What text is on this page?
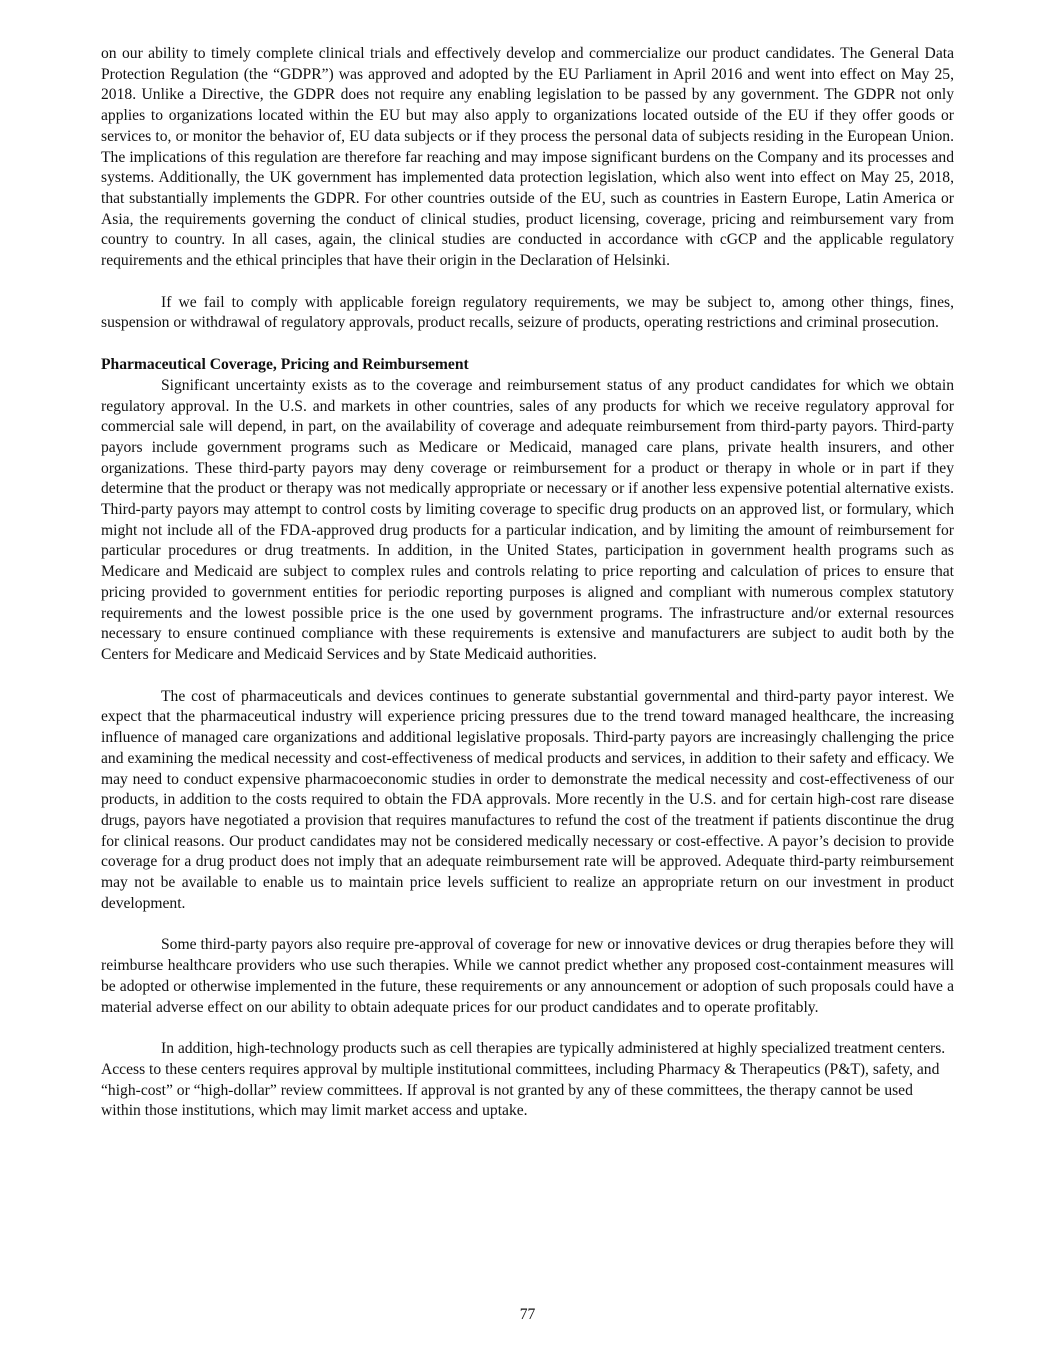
on our ability to timely complete clinical trials and effectively develop and commercialize our product candidates. The General Data Protection Regulation (the “GDPR”) was approved and adopted by the EU Parliament in April 2016 and went into effect on May 25, 2018. Unlike a Directive, the GDPR does not require any enabling legislation to be passed by any government. The GDPR not only applies to organizations located within the EU but may also apply to organizations located outside of the EU if they offer goods or services to, or monitor the behavior of, EU data subjects or if they process the personal data of subjects residing in the European Union. The implications of this regulation are therefore far reaching and may impose significant burdens on the Company and its processes and systems. Additionally, the UK government has implemented data protection legislation, which also went into effect on May 25, 2018, that substantially implements the GDPR. For other countries outside of the EU, such as countries in Eastern Europe, Latin America or Asia, the requirements governing the conduct of clinical studies, product licensing, coverage, pricing and reimbursement vary from country to country. In all cases, again, the clinical studies are conducted in accordance with cGCP and the applicable regulatory requirements and the ethical principles that have their origin in the Declaration of Helsinki.

If we fail to comply with applicable foreign regulatory requirements, we may be subject to, among other things, fines, suspension or withdrawal of regulatory approvals, product recalls, seizure of products, operating restrictions and criminal prosecution.

Pharmaceutical Coverage, Pricing and Reimbursement

Significant uncertainty exists as to the coverage and reimbursement status of any product candidates for which we obtain regulatory approval. In the U.S. and markets in other countries, sales of any products for which we receive regulatory approval for commercial sale will depend, in part, on the availability of coverage and adequate reimbursement from third-party payors. Third-party payors include government programs such as Medicare or Medicaid, managed care plans, private health insurers, and other organizations. These third-party payors may deny coverage or reimbursement for a product or therapy in whole or in part if they determine that the product or therapy was not medically appropriate or necessary or if another less expensive potential alternative exists. Third-party payors may attempt to control costs by limiting coverage to specific drug products on an approved list, or formulary, which might not include all of the FDA-approved drug products for a particular indication, and by limiting the amount of reimbursement for particular procedures or drug treatments. In addition, in the United States, participation in government health programs such as Medicare and Medicaid are subject to complex rules and controls relating to price reporting and calculation of prices to ensure that pricing provided to government entities for periodic reporting purposes is aligned and compliant with numerous complex statutory requirements and the lowest possible price is the one used by government programs. The infrastructure and/or external resources necessary to ensure continued compliance with these requirements is extensive and manufacturers are subject to audit both by the Centers for Medicare and Medicaid Services and by State Medicaid authorities.

The cost of pharmaceuticals and devices continues to generate substantial governmental and third-party payor interest. We expect that the pharmaceutical industry will experience pricing pressures due to the trend toward managed healthcare, the increasing influence of managed care organizations and additional legislative proposals. Third-party payors are increasingly challenging the price and examining the medical necessity and cost-effectiveness of medical products and services, in addition to their safety and efficacy. We may need to conduct expensive pharmacoeconomic studies in order to demonstrate the medical necessity and cost-effectiveness of our products, in addition to the costs required to obtain the FDA approvals. More recently in the U.S. and for certain high-cost rare disease drugs, payors have negotiated a provision that requires manufactures to refund the cost of the treatment if patients discontinue the drug for clinical reasons. Our product candidates may not be considered medically necessary or cost-effective. A payor’s decision to provide coverage for a drug product does not imply that an adequate reimbursement rate will be approved. Adequate third-party reimbursement may not be available to enable us to maintain price levels sufficient to realize an appropriate return on our investment in product development.

Some third-party payors also require pre-approval of coverage for new or innovative devices or drug therapies before they will reimburse healthcare providers who use such therapies. While we cannot predict whether any proposed cost-containment measures will be adopted or otherwise implemented in the future, these requirements or any announcement or adoption of such proposals could have a material adverse effect on our ability to obtain adequate prices for our product candidates and to operate profitably.

In addition, high-technology products such as cell therapies are typically administered at highly specialized treatment centers. Access to these centers requires approval by multiple institutional committees, including Pharmacy & Therapeutics (P&T), safety, and “high-cost” or “high-dollar” review committees. If approval is not granted by any of these committees, the therapy cannot be used within those institutions, which may limit market access and uptake.

77
